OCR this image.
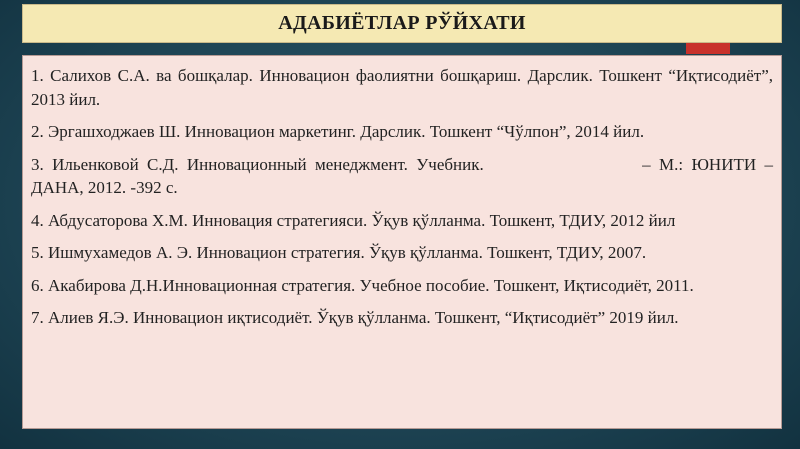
АДАБИЁТЛАР РЎЙХАТИ

1. Салихов С.А. ва бошқалар. Инновацион фаолиятни бошқариш. Дарслик. Тошкент “Иқтисодиёт”, 2013 йил.

2. Эргашходжаев Ш. Инновацион маркетинг. Дарслик. Тошкент “Чўлпон”, 2014 йил.

3. Ильенковой С.Д. Инновационный менеджмент. Учебник.	– М.: ЮНИТИ –ДАНА, 2012. -392 с.

4. Абдусаторова Х.М. Инновация стратегияси. Ўқув қўлланма. Тошкент, ТДИУ, 2012 йил

5. Ишмухамедов А. Э. Инновацион стратегия. Ўқув қўлланма. Тошкент, ТДИУ, 2007.

6. Акабирова Д.Н.Инновационная стратегия. Учебное пособие. Тошкент, Иқтисодиёт, 2011.

7. Алиев Я.Э. Инновацион иқтисодиёт. Ўқув қўлланма. Тошкент, “Иқтисодиёт” 2019 йил.
